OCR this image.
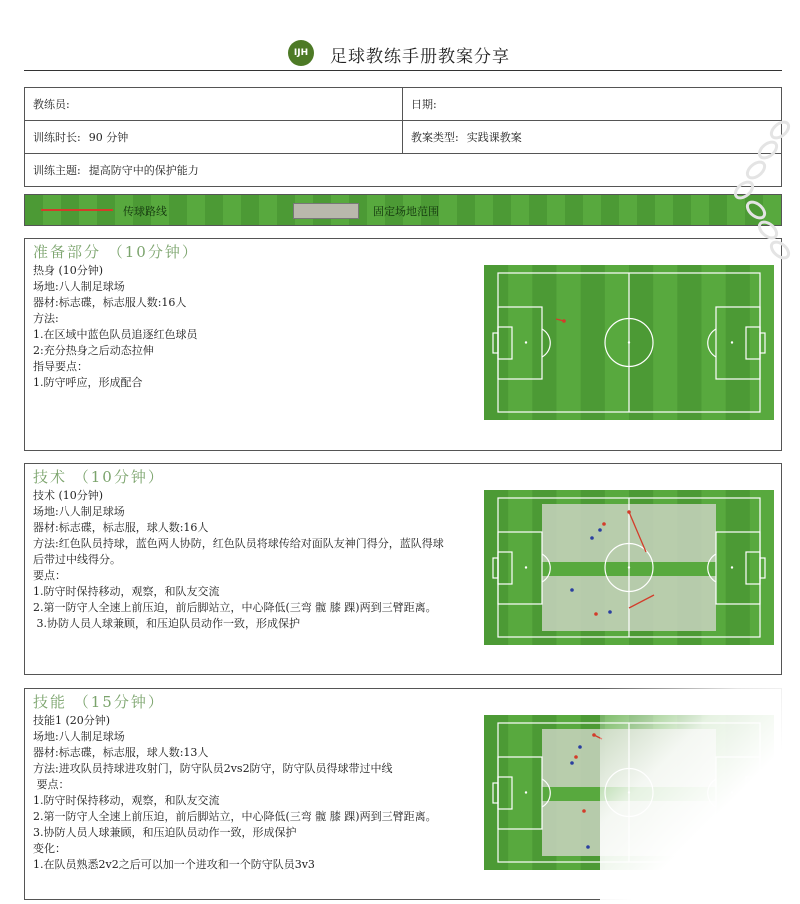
IJH	足球教练手册教案分享
教练员:	日期:
训练时长: 90 分钟	教案类型: 实践课教案
训练主题: 提高防守中的保护能力	
传球路线	固定场地范围
准备部分 （10分钟）
热身 (10分钟)
场地:八人制足球场
器材:标志碟，标志服人数:16人
方法:
1.在区域中蓝色队员追逐红色球员
2:充分热身之后动态拉伸
指导要点：
1.防守呼应，形成配合
技术 （10分钟）
技术 (10分钟)
场地:八人制足球场
器材:标志碟，标志服，球人数:16人
方法:红色队员持球，蓝色两人协防，红色队员将球传给对面队友神门得分，蓝队得球
后带过中线得分。
要点：
1.防守时保持移动，观察，和队友交流
2.第一防守人全速上前压迫，前后脚站立，中心降低(三弯 髋 膝 踝)两到三臂距离。
3.协防人员人球兼顾，和压迫队员动作一致，形成保护
技能 （15分钟）
技能1 (20分钟)
场地:八人制足球场
器材:标志碟，标志服，球人数:13人
方法:进攻队员持球进攻射门，防守队员2vs2防守，防守队员得球带过中线
要点：
1.防守时保持移动，观察，和队友交流
2.第一防守人全速上前压迫，前后脚站立，中心降低(三弯 髋 膝 踝)两到三臂距离。
3.协防人员人球兼顾，和压迫队员动作一致，形成保护
变化：
1.在队员熟悉2v2之后可以加一个进攻和一个防守队员3v3
